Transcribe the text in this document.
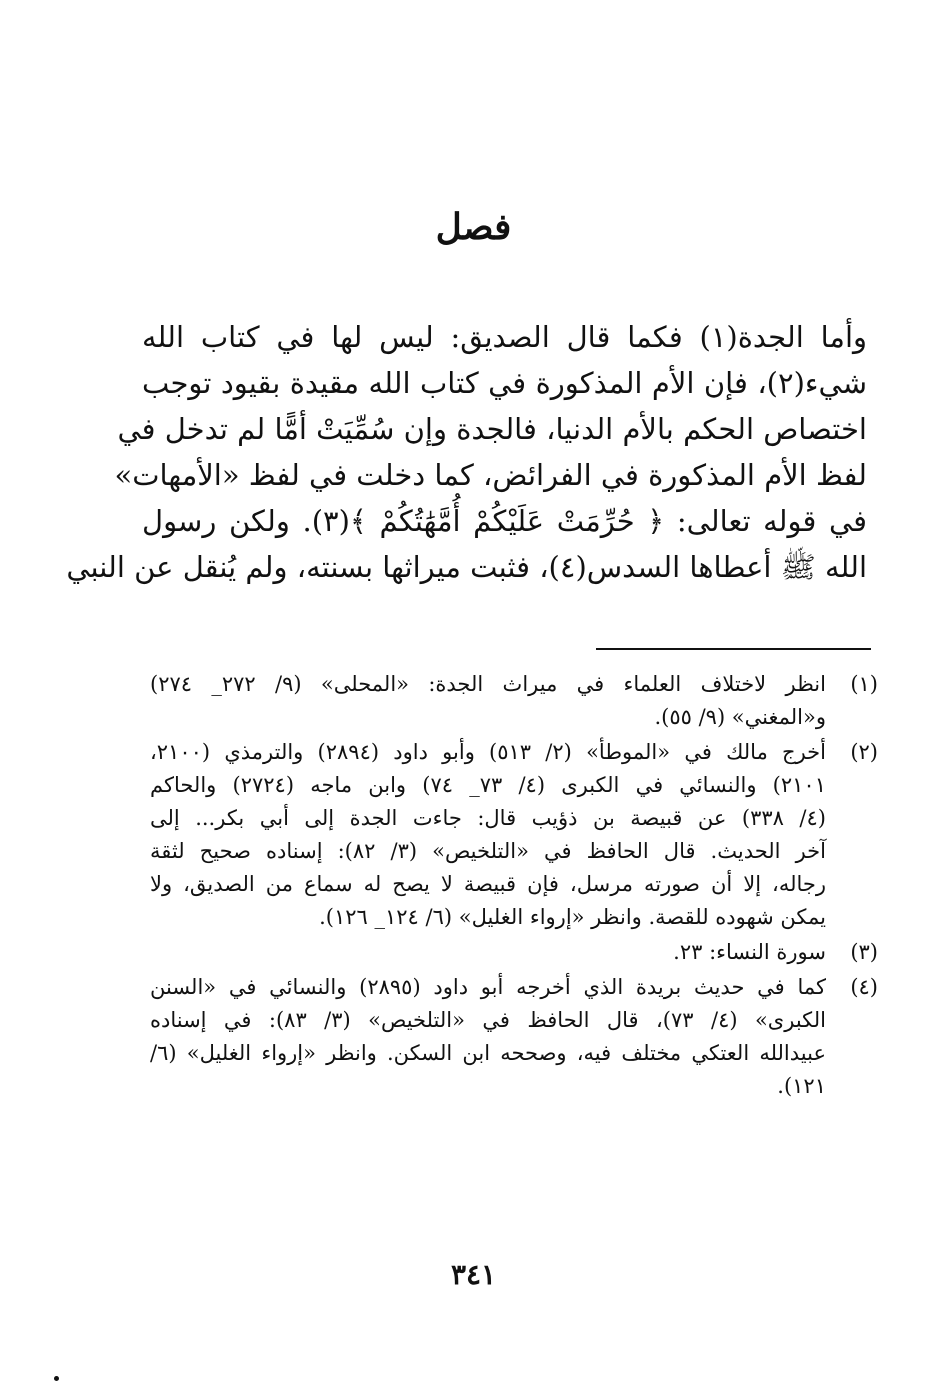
فصل
وأما الجدة(١) فكما قال الصديق: ليس لها في كتاب الله
شيء(٢)، فإن الأم المذكورة في كتاب الله مقيدة بقيود توجب
اختصاص الحكم بالأم الدنيا، فالجدة وإن سُمِّيَتْ أمًّا لم تدخل في
لفظ الأم المذكورة في الفرائض، كما دخلت في لفظ «الأمهات»
في قوله تعالى: ﴿ حُرِّمَتْ عَلَيْكُمْ أُمَّهَٰتُكُمْ ﴾(٣). ولكن رسول
الله ﷺ أعطاها السدس(٤)، فثبت ميراثها بسنته، ولم يُنقل عن النبي
(١)
انظر لاختلاف العلماء في ميراث الجدة: «المحلى» (٩/ ٢٧٢_ ٢٧٤)
و«المغني» (٩/ ٥٥).
(٢)
أخرج مالك في «الموطأ» (٢/ ٥١٣) وأبو داود (٢٨٩٤) والترمذي (٢١٠٠،
٢١٠١) والنسائي في الكبرى (٤/ ٧٣_ ٧٤) وابن ماجه (٢٧٢٤) والحاكم
(٤/ ٣٣٨) عن قبيصة بن ذؤيب قال: جاءت الجدة إلى أبي بكر... إلى
آخر الحديث. قال الحافظ في «التلخيص» (٣/ ٨٢): إسناده صحيح لثقة
رجاله، إلا أن صورته مرسل، فإن قبيصة لا يصح له سماع من الصديق، ولا
يمكن شهوده للقصة. وانظر «إرواء الغليل» (٦/ ١٢٤_ ١٢٦).
(٣)
سورة النساء: ٢٣.
(٤)
كما في حديث بريدة الذي أخرجه أبو داود (٢٨٩٥) والنسائي في «السنن
الكبرى» (٤/ ٧٣)، قال الحافظ في «التلخيص» (٣/ ٨٣): في إسناده
عبيدالله العتكي مختلف فيه، وصححه ابن السكن. وانظر «إرواء الغليل» (٦/
١٢١).
٣٤١
